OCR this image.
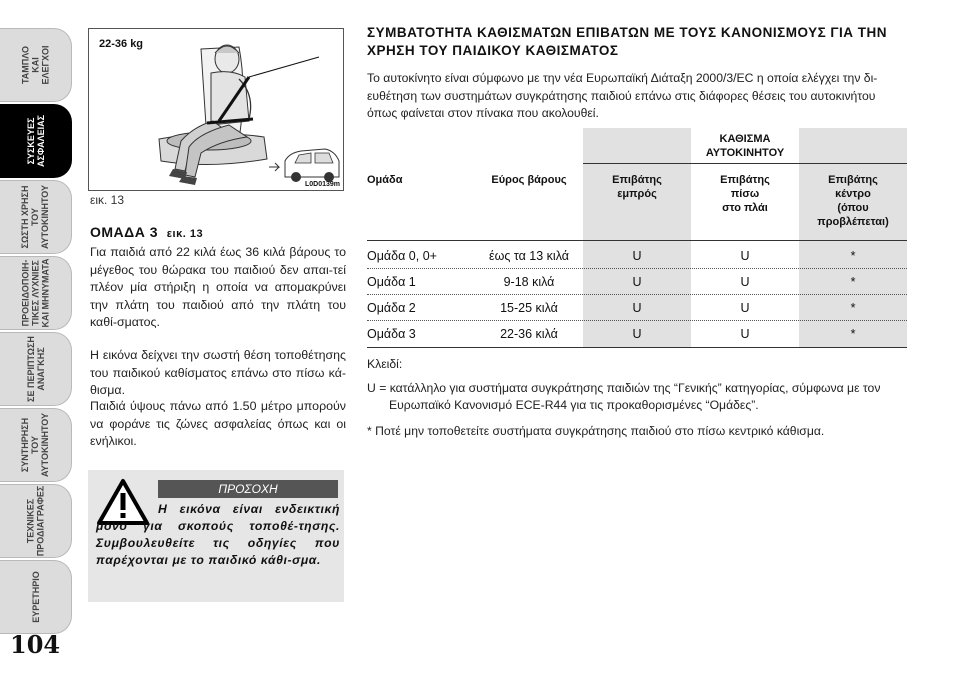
ΤΑΜΠΛΟ
ΚΑΙ
ΕΛΕΓΧΟΙ
ΣΥΣΚΕΥΕΣ
ΑΣΦΑΛΕΙΑΣ
ΣΩΣΤΗ ΧΡΗΣΗ
ΤΟΥ
ΑΥΤΟΚΙΝΗΤΟΥ
ΠΡΟΕΙΔΟΠΟΙΗ-
ΤΙΚΕΣ ΛΥΧΝΙΕΣ
ΚΑΙ ΜΗΝΥΜΑΤΑ
ΣΕ ΠΕΡΙΠΤΩΣΗ
ΑΝΑΓΚΗΣ
ΣΥΝΤΗΡΗΣΗ
ΤΟΥ
ΑΥΤΟΚΙΝΗΤΟΥ
ΤΕΧΝΙΚΕΣ
ΠΡΟΔΙΑΓΡΑΦΕΣ
ΕΥΡΕΤΗΡΙΟ
104
22-36 kg
L0D0139m
εικ. 13
ΟΜΑΔΑ 3 εικ. 13

Για παιδιά από 22 κιλά έως 36 κιλά βάρους το μέγεθος του θώρακα του παιδιού δεν απαι-τεί πλέον μία στήριξη η οποία να απομακρύνει την πλάτη του παιδιού από την πλάτη του καθί-σματος.

Η εικόνα δείχνει την σωστή θέση τοποθέτησης του παιδικού καθίσματος επάνω στο πίσω κά-θισμα.

Παιδιά ύψους πάνω από 1.50 μέτρο μπορούν να φοράνε τις ζώνες ασφαλείας όπως και οι ενήλικοι.

ΠΡΟΣΟΧΗ
Η εικόνα είναι ενδεικτική μόνο για σκοπούς τοποθέ-τησης. Συμβουλευθείτε τις οδηγίες που παρέχονται με το παιδικό κάθι-σμα.
ΣΥΜΒΑΤΟΤΗΤΑ ΚΑΘΙΣΜΑΤΩΝ ΕΠΙΒΑΤΩΝ ΜΕ ΤΟΥΣ ΚΑΝΟΝΙΣΜΟΥΣ ΓΙΑ ΤΗΝ ΧΡΗΣΗ ΤΟΥ ΠΑΙΔΙΚΟΥ ΚΑΘΙΣΜΑΤΟΣ

Το αυτοκίνητο είναι σύμφωνο με την νέα Ευρωπαϊκή Διάταξη 2000/3/EC η οποία ελέγχει την δι-ευθέτηση των συστημάτων συγκράτησης παιδιού επάνω στις διάφορες θέσεις του αυτοκινήτου όπως φαίνεται στον πίνακα που ακολουθεί.

ΚΑΘΙΣΜΑ
ΑΥΤΟΚΙΝΗΤΟΥ
Ομάδα	Εύρος βάρους	Επιβάτης
εμπρός
Επιβάτης
πίσω
στο πλάι
Επιβάτης
κέντρο
(όπου
προβλέπεται)
Ομάδα 0, 0+	έως τα 13 κιλά	U	U	*
Ομάδα 1	9-18 κιλά	U	U	*
Ομάδα 2	15-25 κιλά	U	U	*
Ομάδα 3	22-36 κιλά	U	U	*

Κλειδί:

U = κατάλληλο για συστήματα συγκράτησης παιδιών της “Γενικής” κατηγορίας, σύμφωνα με τον Ευρωπαϊκό Κανονισμό ECE-R44 για τις προκαθορισμένες “Ομάδες”.

* Ποτέ μην τοποθετείτε συστήματα συγκράτησης παιδιού στο πίσω κεντρικό κάθισμα.
